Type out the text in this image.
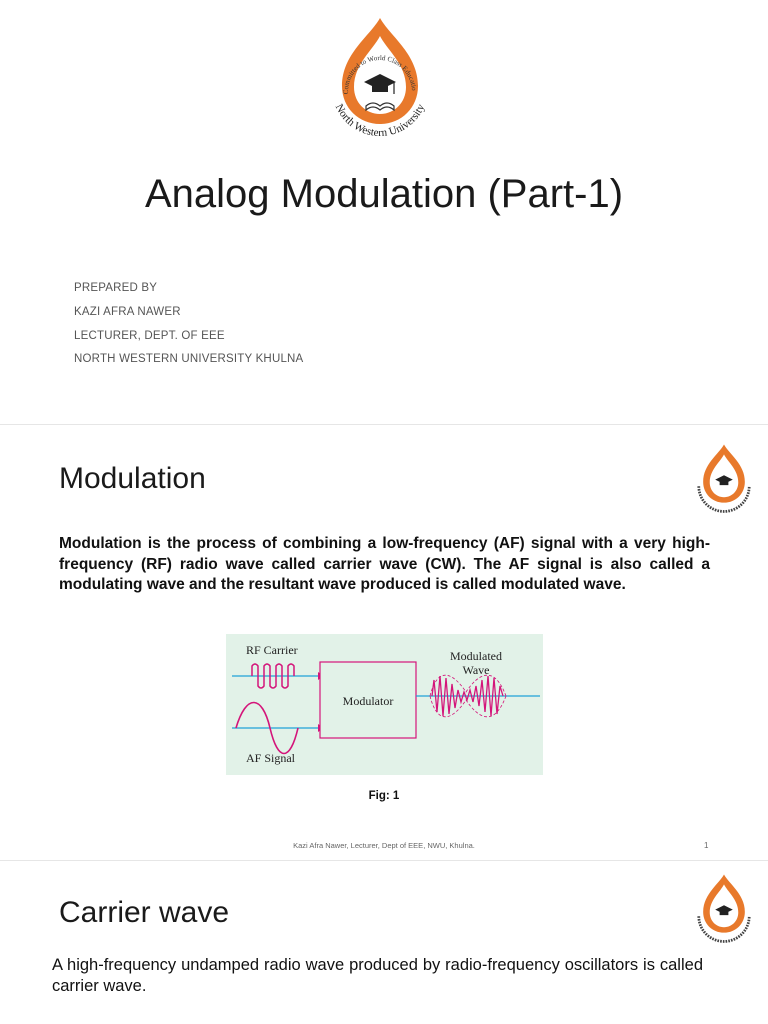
Committed to World Class Educatio
North Western University
Analog Modulation (Part-1)
PREPARED BY
KAZI AFRA NAWER
LECTURER, DEPT. OF EEE
NORTH WESTERN UNIVERSITY KHULNA
Modulation
Modulation is the process of combining a low-frequency (AF) signal with a very high-frequency (RF) radio wave called carrier wave (CW). The AF signal is also called a modulating wave and the resultant wave produced is called modulated wave.
RF Carrier
AF Signal
Modulated
Wave
Modulator
Fig: 1
Kazi Afra Nawer, Lecturer, Dept of EEE, NWU, Khulna.	1
Carrier wave
A high-frequency undamped radio wave produced by radio-frequency oscillators is called carrier wave.
